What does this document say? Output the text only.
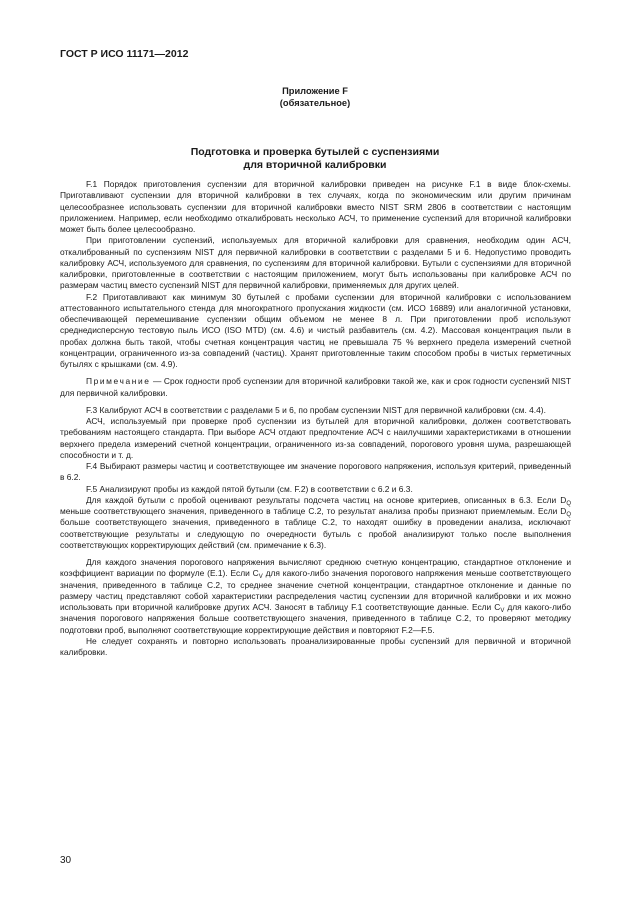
ГОСТ Р ИСО 11171—2012
Приложение F
(обязательное)
Подготовка и проверка бутылей с суспензиями
для вторичной калибровки

F.1 Порядок приготовления суспензии для вторичной калибровки приведен на рисунке F.1 в виде блок-схемы. Приготавливают суспензии для вторичной калибровки в тех случаях, когда по экономическим или другим причинам целесообразнее использовать суспензии для вторичной калибровки вместо NIST SRM 2806 в соответствии с настоящим приложением. Например, если необходимо откалибровать несколько АСЧ, то применение суспензий для вторичной калибровки может быть более целесообразно.

При приготовлении суспензий, используемых для вторичной калибровки для сравнения, необходим один АСЧ, откалиброванный по суспензиям NIST для первичной калибровки в соответствии с разделами 5 и 6. Недопустимо проводить калибровку АСЧ, используемого для сравнения, по суспензиям для вторичной калибровки. Бутыли с суспензиями для вторичной калибровки, приготовленные в соответствии с настоящим приложением, могут быть использованы при калибровке АСЧ по размерам частиц вместо суспензий NIST для первичной калибровки, применяемых для других целей.

F.2 Приготавливают как минимум 30 бутылей с пробами суспензии для вторичной калибровки с использованием аттестованного испытательного стенда для многократного пропускания жидкости (см. ИСО 16889) или аналогичной установки, обеспечивающей перемешивание суспензии общим объемом не менее 8 л. При приготовлении проб используют среднедисперсную тестовую пыль ИСО (ISO MTD) (см. 4.6) и чистый разбавитель (см. 4.2). Массовая концентрация пыли в пробах должна быть такой, чтобы счетная концентрация частиц не превышала 75 % верхнего предела измерений счетной концентрации, ограниченного из-за совпадений (частиц). Хранят приготовленные таким способом пробы в чистых герметичных бутылях с крышками (см. 4.9).

Примечание — Срок годности проб суспензии для вторичной калибровки такой же, как и срок годности суспензий NIST для первичной калибровки.

F.3 Калибруют АСЧ в соответствии с разделами 5 и 6, по пробам суспензии NIST для первичной калибровки (см. 4.4).

АСЧ, используемый при проверке проб суспензии из бутылей для вторичной калибровки, должен соответствовать требованиям настоящего стандарта. При выборе АСЧ отдают предпочтение АСЧ с наилучшими характеристиками в отношении верхнего предела измерений счетной концентрации, ограниченного из-за совпадений, порогового уровня шума, разрешающей способности и т. д.

F.4 Выбирают размеры частиц и соответствующее им значение порогового напряжения, используя критерий, приведенный в 6.2.

F.5 Анализируют пробы из каждой пятой бутыли (см. F.2) в соответствии с 6.2 и 6.3.

Для каждой бутыли с пробой оценивают результаты подсчета частиц на основе критериев, описанных в 6.3. Если $D_Q$ меньше соответствующего значения, приведенного в таблице С.2, то результат анализа пробы признают приемлемым. Если $D_Q$ больше соответствующего значения, приведенного в таблице С.2, то находят ошибку в проведении анализа, исключают соответствующие результаты и следующую по очередности бутыль с пробой анализируют только после выполнения соответствующих корректирующих действий (см. примечание к 6.3).

Для каждого значения порогового напряжения вычисляют среднюю счетную концентрацию, стандартное отклонение и коэффициент вариации по формуле (Е.1). Если $C_V$ для какого-либо значения порогового напряжения меньше соответствующего значения, приведенного в таблице С.2, то среднее значение счетной концентрации, стандартное отклонение и данные по размеру частиц представляют собой характеристики распределения частиц суспензии для вторичной калибровки и их можно использовать при вторичной калибровке других АСЧ. Заносят в таблицу F.1 соответствующие данные. Если $C_V$ для какого-либо значения порогового напряжения больше соответствующего значения, приведенного в таблице С.2, то проверяют методику подготовки проб, выполняют соответствующие корректирующие действия и повторяют F.2—F.5.

Не следует сохранять и повторно использовать проанализированные пробы суспензий для первичной и вторичной калибровки.

30
